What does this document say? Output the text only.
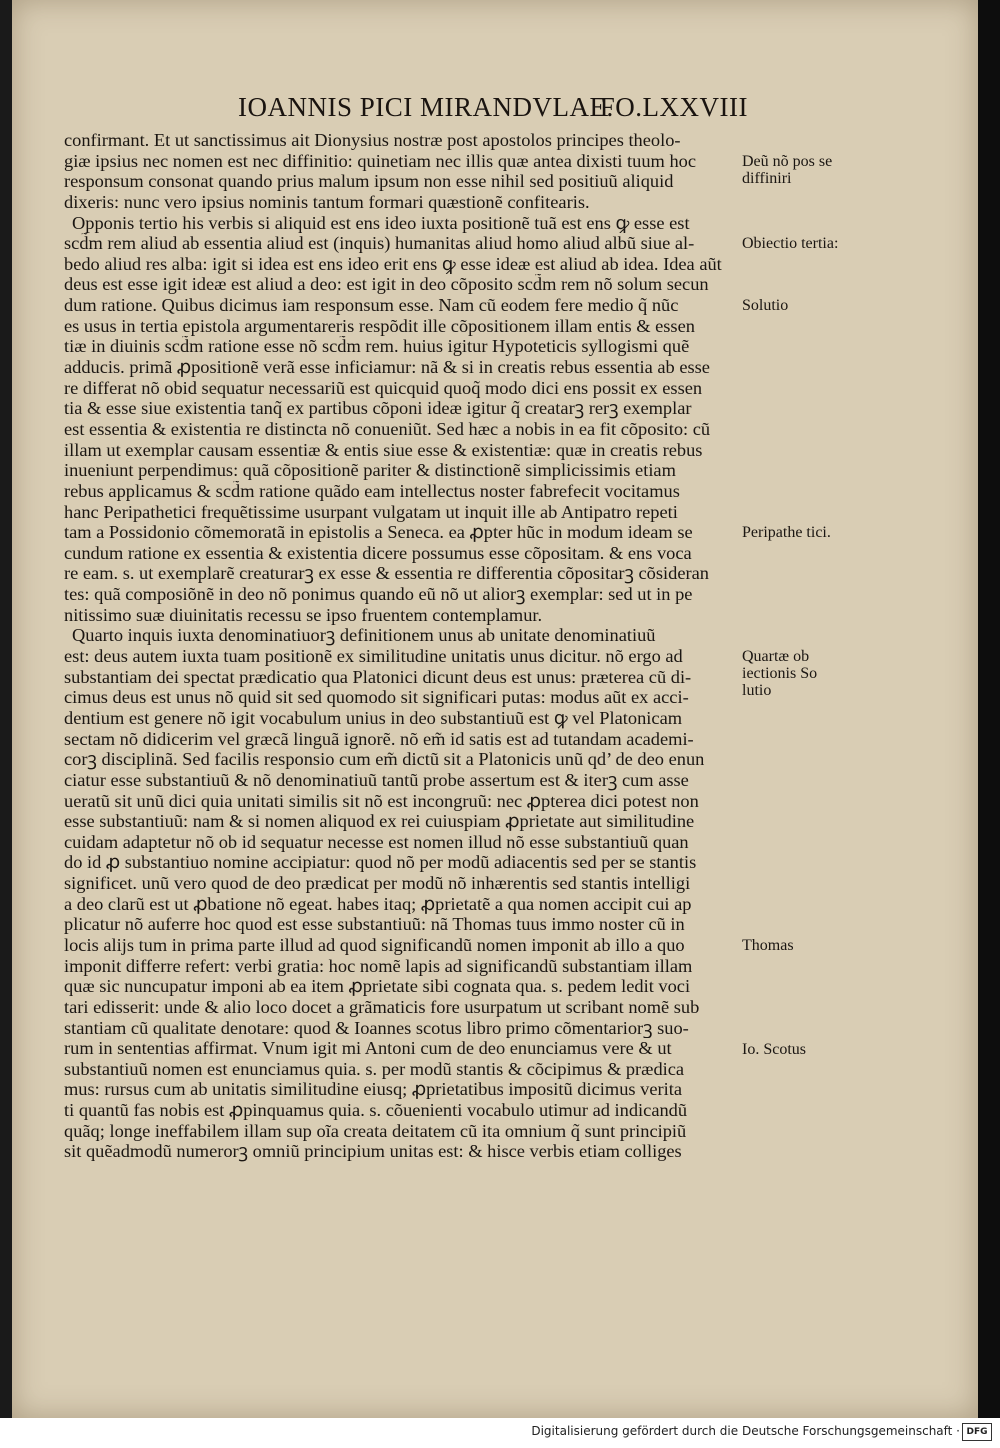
IOANNIS PICI MIRANDVLAE.
FO.LXXVIII
confirmant. Et ut sanctissimus ait Dionysius nostræ post apostolos principes theolo-
giæ ipsius nec nomen est nec diffinitio: quinetiam nec illis quæ antea dixisti tuum hoc
responsum consonat quando prius malum ipsum non esse nihil sed positiuũ aliquid
dixeris: nunc vero ipsius nominis tantum formari quæstionẽ confitearis.
Opponis tertio his verbis si aliquid est ens ideo iuxta positionẽ tuã est ens ꝙ esse est
scd̃m rem aliud ab essentia aliud est (inquis) humanitas aliud homo aliud albũ siue al-
bedo aliud res alba: igit si idea est ens ideo erit ens ꝙ esse ideæ est aliud ab idea. Idea aũt
deus est esse igit ideæ est aliud a deo: est igit in deo cõposito scd̃m rem nõ solum secun
dum ratione. Quibus dicimus iam responsum esse. Nam cũ eodem fere medio q̃ nũc
es usus in tertia epistola argumentareris respõdit ille cõpositionem illam entis & essen
tiæ in diuinis scd̃m ratione esse nõ scd̃m rem. huius igitur Hypoteticis syllogismi quẽ
adducis. primã ꝓpositionẽ verã esse inficiamur: nã & si in creatis rebus essentia ab esse
re differat nõ obid sequatur necessariũ est quicquid quoq̃ modo dici ens possit ex essen
tia & esse siue existentia tanq̃ ex partibus cõponi ideæ igitur q̃ creatarꝫ rerꝫ exemplar
est essentia & existentia re distincta nõ conueniũt. Sed hæc a nobis in ea fit cõposito: cũ
illam ut exemplar causam essentiæ & entis siue esse & existentiæ: quæ in creatis rebus
inueniunt perpendimus: quã cõpositionẽ pariter & distinctionẽ simplicissimis etiam
rebus applicamus & scd̃m ratione quãdo eam intellectus noster fabrefecit vocitamus
hanc Peripathetici frequẽtissime usurpant vulgatam ut inquit ille ab Antipatro repeti
tam a Possidonio cõmemoratã in epistolis a Seneca. ea ꝓpter hũc in modum ideam se
cundum ratione ex essentia & existentia dicere possumus esse cõpositam. & ens voca
re eam. s. ut exemplarẽ creaturarꝫ ex esse & essentia re differentia cõpositarꝫ cõsideran
tes: quã composiõnẽ in deo nõ ponimus quando eũ nõ ut aliorꝫ exemplar: sed ut in pe
nitissimo suæ diuinitatis recessu se ipso fruentem contemplamur.
Quarto inquis iuxta denominatiuorꝫ definitionem unus ab unitate denominatiuũ
est: deus autem iuxta tuam positionẽ ex similitudine unitatis unus dicitur. nõ ergo ad
substantiam dei spectat prædicatio qua Platonici dicunt deus est unus: præterea cũ di-
cimus deus est unus nõ quid sit sed quomodo sit significari putas: modus aũt ex acci-
dentium est genere nõ igit vocabulum unius in deo substantiuũ est ꝙ vel Platonicam
sectam nõ didicerim vel græcã linguã ignorẽ. nõ em̃ id satis est ad tutandam academi-
corꝫ disciplinã. Sed facilis responsio cum em̃ dictũ sit a Platonicis unũ qd’ de deo enun
ciatur esse substantiuũ & nõ denominatiuũ tantũ probe assertum est & iterꝫ cum asse
ueratũ sit unũ dici quia unitati similis sit nõ est incongruũ: nec ꝓpterea dici potest non
esse substantiuũ: nam & si nomen aliquod ex rei cuiuspiam ꝓprietate aut similitudine
cuidam adaptetur nõ ob id sequatur necesse est nomen illud nõ esse substantiuũ quan
do id ꝓ substantiuo nomine accipiatur: quod nõ per modũ adiacentis sed per se stantis
significet. unũ vero quod de deo prædicat per modũ nõ inhærentis sed stantis intelligi
a deo clarũ est ut ꝓbatione nõ egeat. habes itaq; ꝓprietatẽ a qua nomen accipit cui ap
plicatur nõ auferre hoc quod est esse substantiuũ: nã Thomas tuus immo noster cũ in
locis alijs tum in prima parte illud ad quod significandũ nomen imponit ab illo a quo
imponit differre refert: verbi gratia: hoc nomẽ lapis ad significandũ substantiam illam
quæ sic nuncupatur imponi ab ea item ꝓprietate sibi cognata qua. s. pedem ledit voci
tari edisserit: unde & alio loco docet a grãmaticis fore usurpatum ut scribant nomẽ sub
stantiam cũ qualitate denotare: quod & Ioannes scotus libro primo cõmentariorꝫ suo-
rum in sententias affirmat. Vnum igit mi Antoni cum de deo enunciamus vere & ut
substantiuũ nomen est enunciamus quia. s. per modũ stantis & cõcipimus & prædica
mus: rursus cum ab unitatis similitudine eiusq; ꝓprietatibus impositũ dicimus verita
ti quantũ fas nobis est ꝓpinquamus quia. s. cõuenienti vocabulo utimur ad indicandũ
quãq; longe ineffabilem illam sup oĩa creata deitatem cũ ita omnium q̃ sunt principiũ
sit quẽadmodũ numerorꝫ omniũ principium unitas est: & hisce verbis etiam colliges
Deũ nõ pos se diffiniri
Obiectio tertia:
Solutio
Peripathe tici.
Quartæ ob iectionis So lutio
Thomas
Io. Scotus
Digitalisierung gefördert durch die Deutsche Forschungsgemeinschaft · DFG
